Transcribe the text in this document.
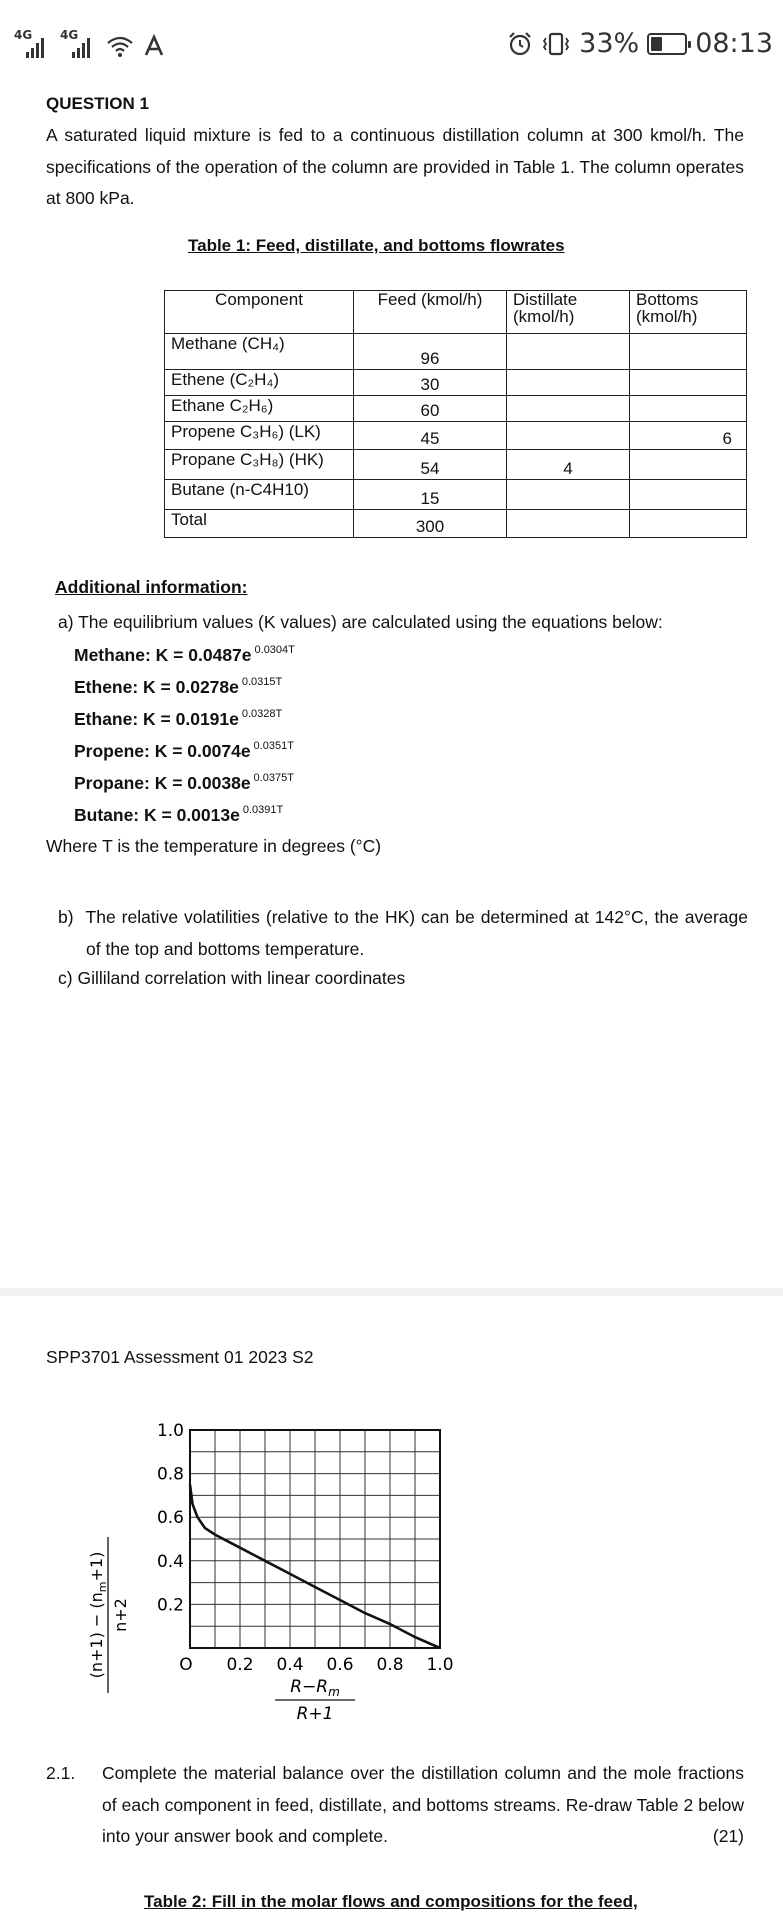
4G 4G	33% 08:13
QUESTION 1
A saturated liquid mixture is fed to a continuous distillation column at 300 kmol/h. The specifications of the operation of the column are provided in Table 1. The column operates at 800 kPa.
Table 1: Feed, distillate, and bottoms flowrates
Component	Feed (kmol/h)	Distillate (kmol/h)	Bottoms (kmol/h)
Methane (CH₄)	96		
Ethene (C₂H₄)	30		
Ethane C₂H₆)	60		
Propene C₃H₆) (LK)	45		6
Propane C₃H₈) (HK)	54	4	
Butane (n-C4H10)	15		
Total	300		
Additional information:
a) The equilibrium values (K values) are calculated using the equations below:
Methane: K = 0.0487e $^{0.0304T}$
Ethene: K = 0.0278e $^{0.0315T}$
Ethane: K = 0.0191e $^{0.0328T}$
Propene: K = 0.0074e $^{0.0351T}$
Propane: K = 0.0038e $^{0.0375T}$
Butane: K = 0.0013e $^{0.0391T}$
Where T is the temperature in degrees (°C)
b) The relative volatilities (relative to the HK) can be determined at 142°C, the average of the top and bottoms temperature.
c) Gilliland correlation with linear coordinates
SPP3701 Assessment 01 2023 S2
0.2
0.4
0.6
0.8
1.0
O 0.2 0.4 0.6 0.8 1.0
$(n+1) - (n_m+1)$
n+2
$R-R_m$
R+1
2.1. Complete the material balance over the distillation column and the mole fractions of each component in feed, distillate, and bottoms streams. Re-draw Table 2 below into your answer book and complete.	(21)
Table 2: Fill in the molar flows and compositions for the feed,
